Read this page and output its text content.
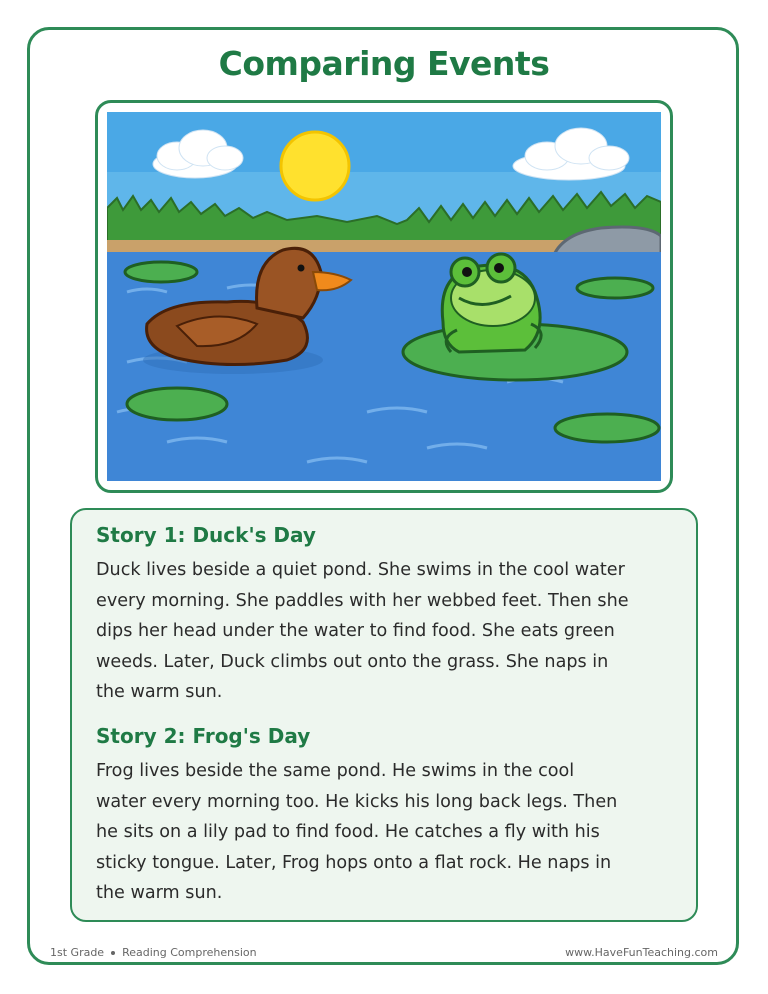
Comparing Events
Story 1: Duck's Day
Duck lives beside a quiet pond. She swims in the cool water
every morning. She paddles with her webbed feet. Then she
dips her head under the water to find food. She eats green
weeds. Later, Duck climbs out onto the grass. She naps in
the warm sun.
Story 2: Frog's Day
Frog lives beside the same pond. He swims in the cool
water every morning too. He kicks his long back legs. Then
he sits on a lily pad to find food. He catches a fly with his
sticky tongue. Later, Frog hops onto a flat rock. He naps in
the warm sun.
1st Grade Reading Comprehension	www.HaveFunTeaching.com
